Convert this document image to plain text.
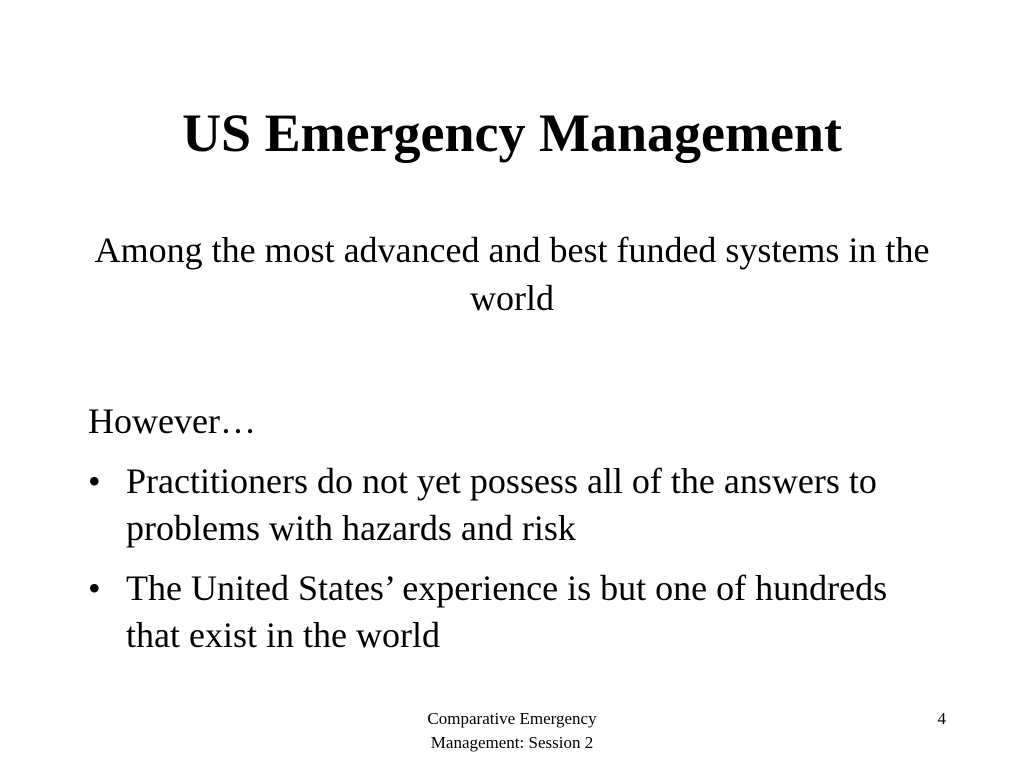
US Emergency Management

Among the most advanced and best funded systems in the world

However…

• Practitioners do not yet possess all of the answers to problems with hazards and risk
• The United States’ experience is but one of hundreds that exist in the world
Comparative Emergency
Management: Session 2
4
